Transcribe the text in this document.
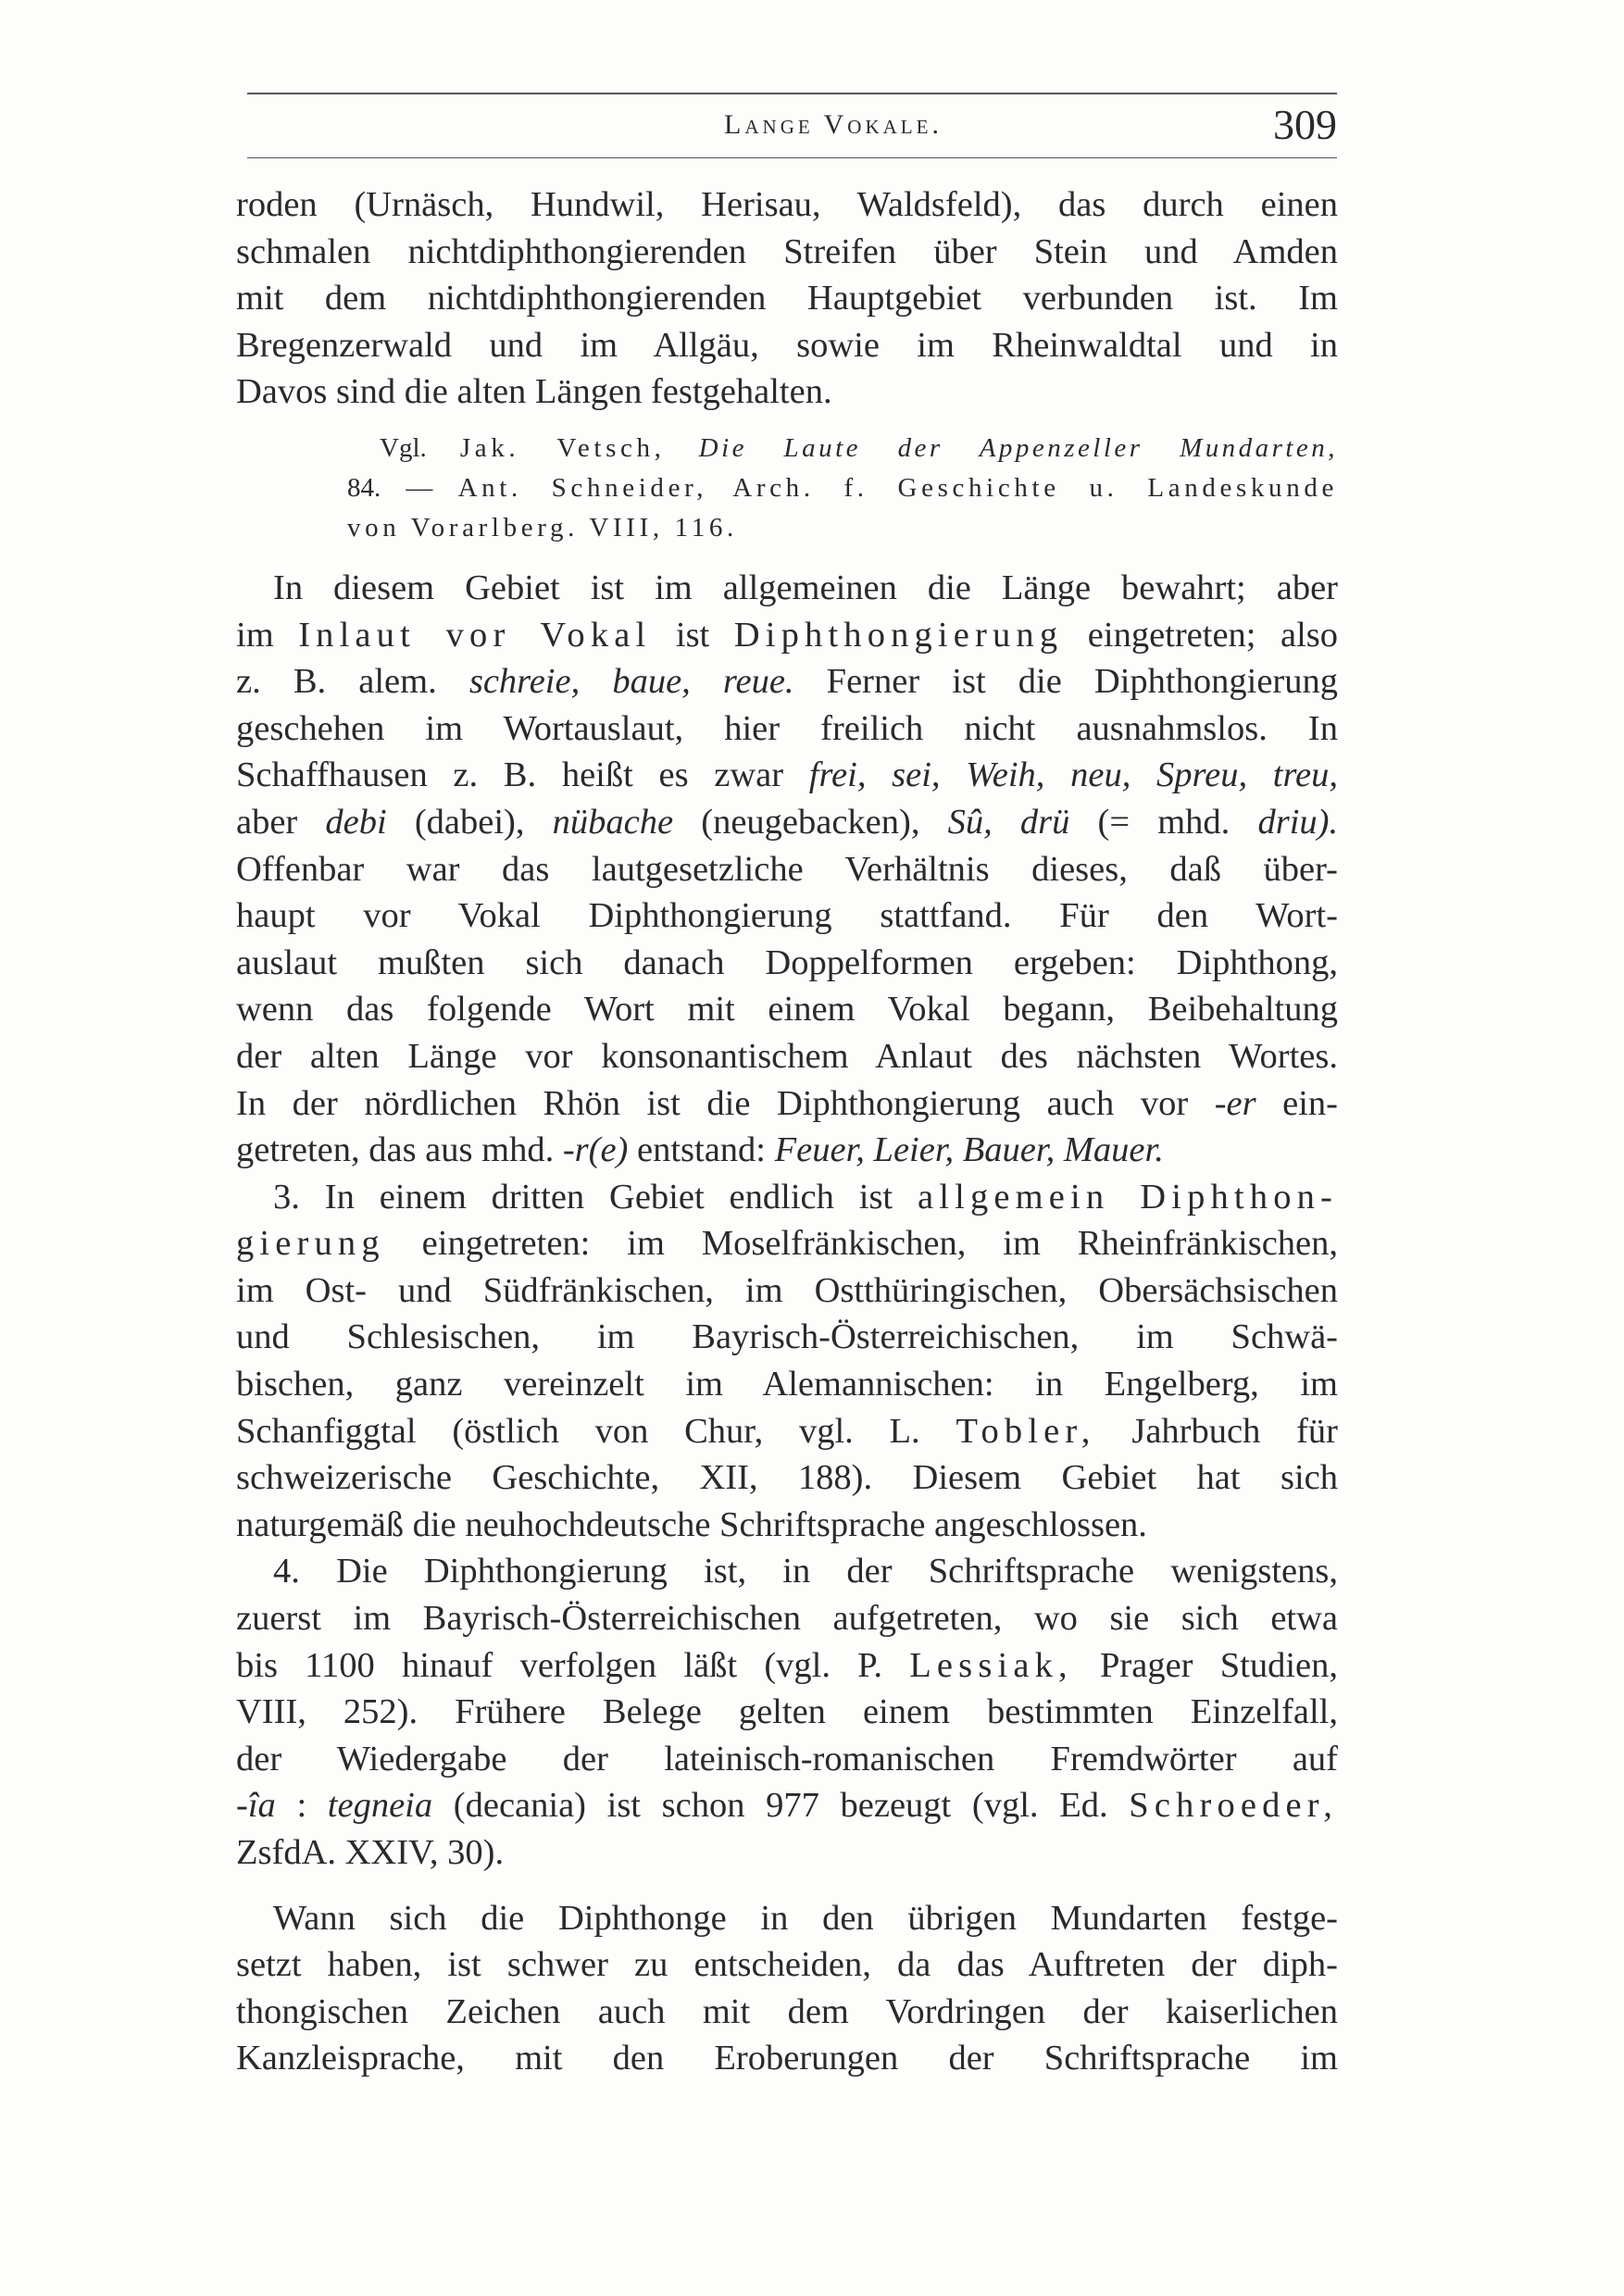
Lange Vokale.	309
roden (Urnäsch, Hundwil, Herisau, Waldsfeld), das durch einen
schmalen nichtdiphthongierenden Streifen über Stein und Amden
mit dem nichtdiphthongierenden Hauptgebiet verbunden ist. Im
Bregenzerwald und im Allgäu, sowie im Rheinwaldtal und in
Davos sind die alten Längen festgehalten.
Vgl. Jak. Vetsch, Die Laute der Appenzeller Mundarten,
84. — Ant. Schneider, Arch. f. Geschichte u. Landeskunde
von Vorarlberg. VIII, 116.
In diesem Gebiet ist im allgemeinen die Länge bewahrt; aber
im Inlaut vor Vokal ist Diphthongierung eingetreten; also
z. B. alem. schreie, baue, reue. Ferner ist die Diphthongierung
geschehen im Wortauslaut, hier freilich nicht ausnahmslos. In
Schaffhausen z. B. heißt es zwar frei, sei, Weih, neu, Spreu, treu,
aber debi (dabei), nübache (neugebacken), Sû, drü (= mhd. driu).
Offenbar war das lautgesetzliche Verhältnis dieses, daß über-
haupt vor Vokal Diphthongierung stattfand. Für den Wort-
auslaut mußten sich danach Doppelformen ergeben: Diphthong,
wenn das folgende Wort mit einem Vokal begann, Beibehaltung
der alten Länge vor konsonantischem Anlaut des nächsten Wortes.
In der nördlichen Rhön ist die Diphthongierung auch vor -er ein-
getreten, das aus mhd. -r(e) entstand: Feuer, Leier, Bauer, Mauer.
3. In einem dritten Gebiet endlich ist allgemein Diphthon-
gierung eingetreten: im Moselfränkischen, im Rheinfränkischen,
im Ost- und Südfränkischen, im Ostthüringischen, Obersächsischen
und Schlesischen, im Bayrisch-Österreichischen, im Schwä-
bischen, ganz vereinzelt im Alemannischen: in Engelberg, im
Schanfiggtal (östlich von Chur, vgl. L. Tobler, Jahrbuch für
schweizerische Geschichte, XII, 188). Diesem Gebiet hat sich
naturgemäß die neuhochdeutsche Schriftsprache angeschlossen.
4. Die Diphthongierung ist, in der Schriftsprache wenigstens,
zuerst im Bayrisch-Österreichischen aufgetreten, wo sie sich etwa
bis 1100 hinauf verfolgen läßt (vgl. P. Lessiak, Prager Studien,
VIII, 252). Frühere Belege gelten einem bestimmten Einzelfall,
der Wiedergabe der lateinisch-romanischen Fremdwörter auf
-îa : tegneia (decania) ist schon 977 bezeugt (vgl. Ed. Schroeder,
ZsfdA. XXIV, 30).
Wann sich die Diphthonge in den übrigen Mundarten festge-
setzt haben, ist schwer zu entscheiden, da das Auftreten der diph-
thongischen Zeichen auch mit dem Vordringen der kaiserlichen
Kanzleisprache, mit den Eroberungen der Schriftsprache im
